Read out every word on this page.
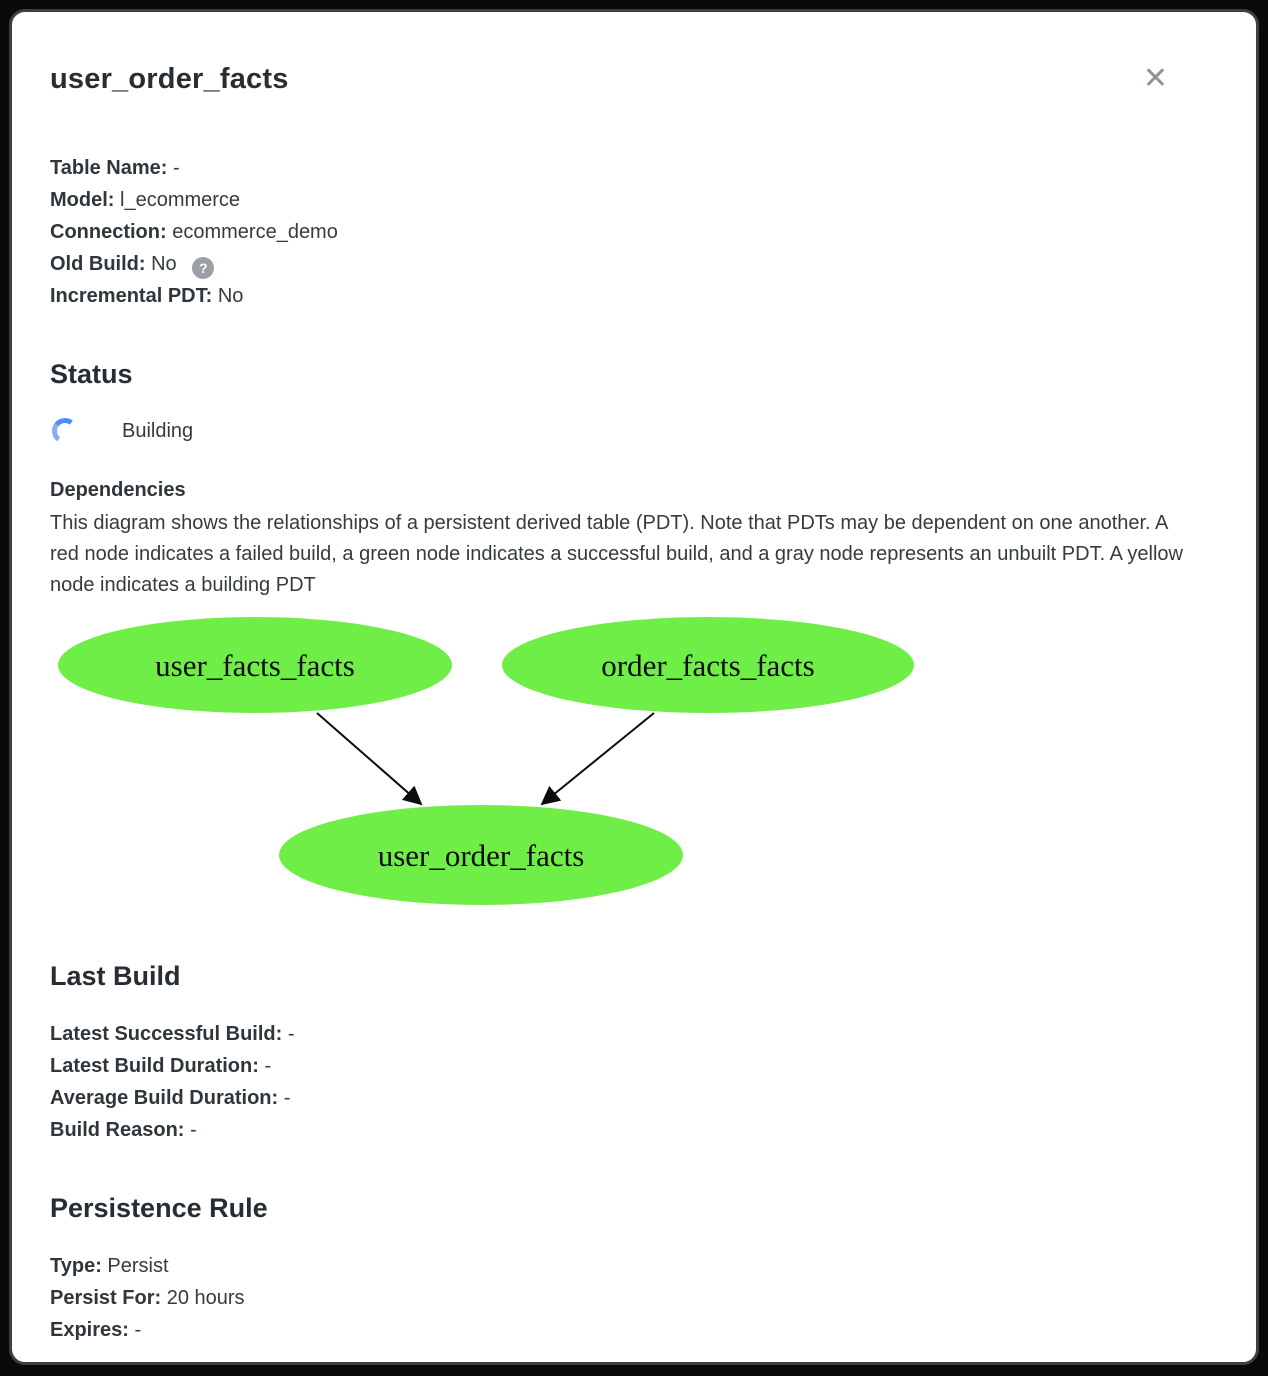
user_order_facts	✕
Table Name: -
Model: l_ecommerce
Connection: ecommerce_demo
Old Build: No ?
Incremental PDT: No
Status
Building
Dependencies

This diagram shows the relationships of a persistent derived table (PDT). Note that PDTs may be dependent on one another. A red node indicates a failed build, a green node indicates a successful build, and a gray node represents an unbuilt PDT. A yellow node indicates a building PDT

user_facts_facts	order_facts_facts
user_order_facts
Last Build
Latest Successful Build: -
Latest Build Duration: -
Average Build Duration: -
Build Reason: -
Persistence Rule
Type: Persist
Persist For: 20 hours
Expires: -
